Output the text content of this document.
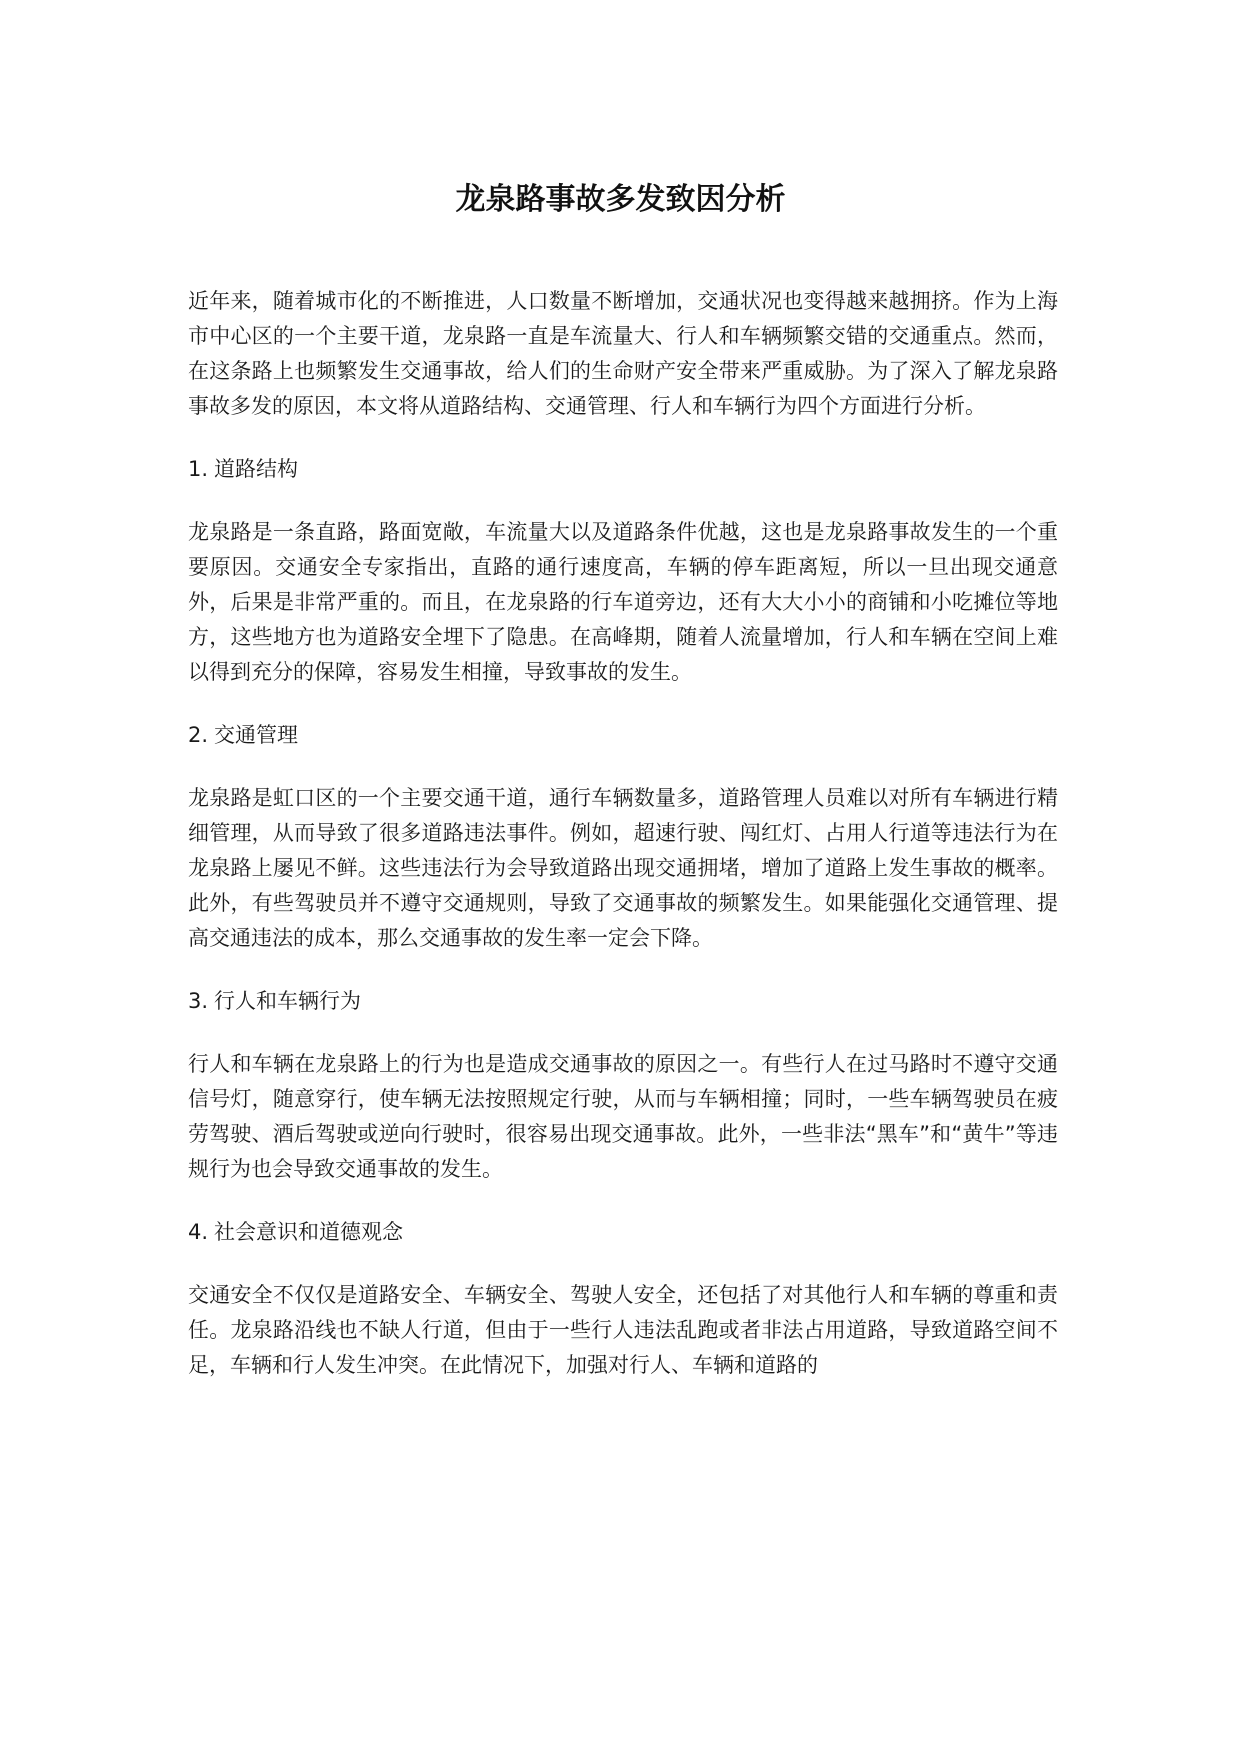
龙泉路事故多发致因分析

近年来，随着城市化的不断推进，人口数量不断增加，交通状况也变得越来越拥挤。作为上海市中心区的一个主要干道，龙泉路一直是车流量大、行人和车辆频繁交错的交通重点。然而，在这条路上也频繁发生交通事故，给人们的生命财产安全带来严重威胁。为了深入了解龙泉路事故多发的原因，本文将从道路结构、交通管理、行人和车辆行为四个方面进行分析。

1. 道路结构

龙泉路是一条直路，路面宽敞，车流量大以及道路条件优越，这也是龙泉路事故发生的一个重要原因。交通安全专家指出，直路的通行速度高，车辆的停车距离短，所以一旦出现交通意外，后果是非常严重的。而且，在龙泉路的行车道旁边，还有大大小小的商铺和小吃摊位等地方，这些地方也为道路安全埋下了隐患。在高峰期，随着人流量增加，行人和车辆在空间上难以得到充分的保障，容易发生相撞，导致事故的发生。

2. 交通管理

龙泉路是虹口区的一个主要交通干道，通行车辆数量多，道路管理人员难以对所有车辆进行精细管理，从而导致了很多道路违法事件。例如，超速行驶、闯红灯、占用人行道等违法行为在龙泉路上屡见不鲜。这些违法行为会导致道路出现交通拥堵，增加了道路上发生事故的概率。此外，有些驾驶员并不遵守交通规则，导致了交通事故的频繁发生。如果能强化交通管理、提高交通违法的成本，那么交通事故的发生率一定会下降。

3. 行人和车辆行为

行人和车辆在龙泉路上的行为也是造成交通事故的原因之一。有些行人在过马路时不遵守交通信号灯，随意穿行，使车辆无法按照规定行驶，从而与车辆相撞；同时，一些车辆驾驶员在疲劳驾驶、酒后驾驶或逆向行驶时，很容易出现交通事故。此外，一些非法“黑车”和“黄牛”等违规行为也会导致交通事故的发生。

4. 社会意识和道德观念

交通安全不仅仅是道路安全、车辆安全、驾驶人安全，还包括了对其他行人和车辆的尊重和责任。龙泉路沿线也不缺人行道，但由于一些行人违法乱跑或者非法占用道路，导致道路空间不足，车辆和行人发生冲突。在此情况下，加强对行人、车辆和道路的
